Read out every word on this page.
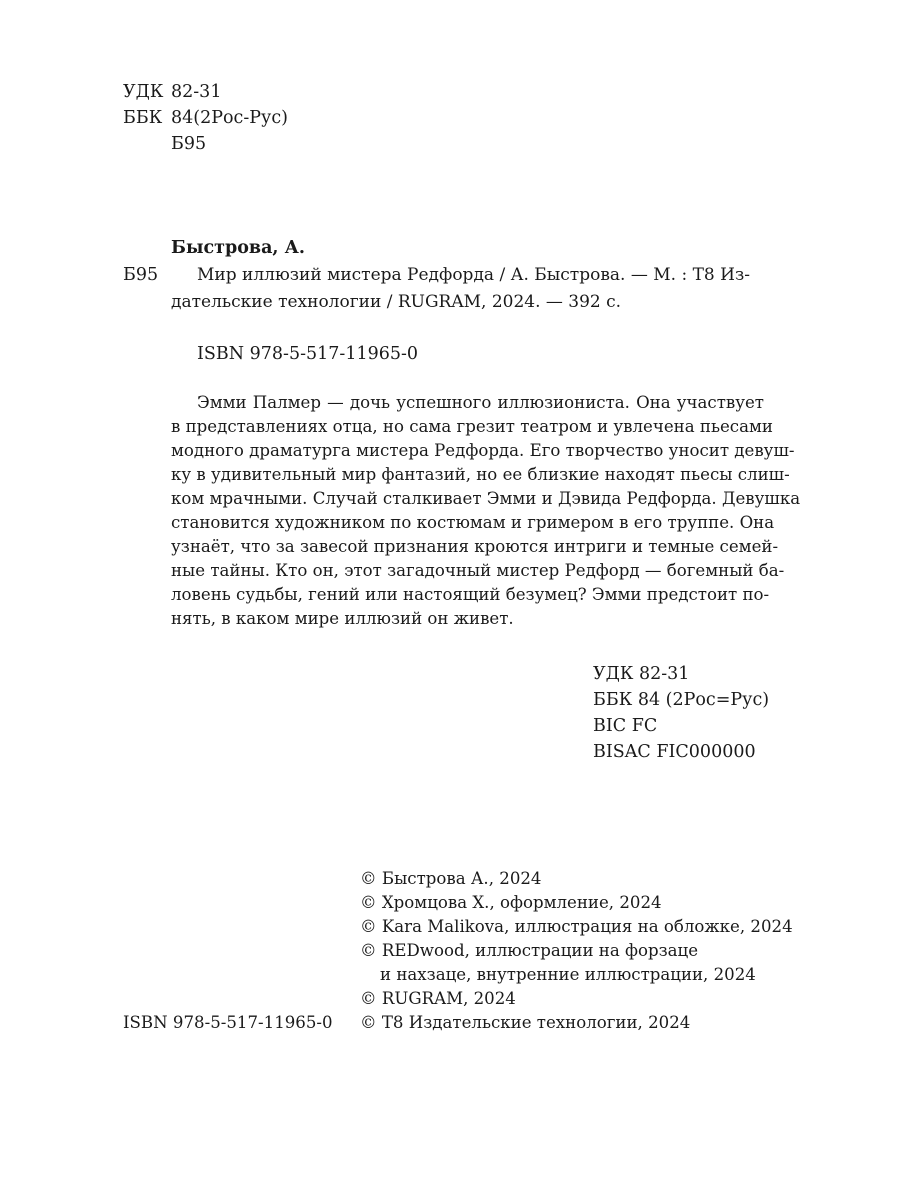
УДК 82-31
ББК 84(2Рос-Рус)
Б95
Быстрова, А.
Б95 Мир иллюзий мистера Редфорда / А. Быстрова. — М. : Т8 Из-
дательские технологии / RUGRAM, 2024. — 392 с.
ISBN 978-5-517-11965-0
Эмми Палмер — дочь успешного иллюзиониста. Она участвует
в представлениях отца, но сама грезит театром и увлечена пьесами
модного драматурга мистера Редфорда. Его творчество уносит девуш-
ку в удивительный мир фантазий, но ее близкие находят пьесы слиш-
ком мрачными. Случай сталкивает Эмми и Дэвида Редфорда. Девушка
становится художником по костюмам и гримером в его труппе. Она
узнаёт, что за завесой признания кроются интриги и темные семей-
ные тайны. Кто он, этот загадочный мистер Редфорд — богемный ба-
ловень судьбы, гений или настоящий безумец? Эмми предстоит по-
нять, в каком мире иллюзий он живет.
УДК 82-31
ББК 84 (2Рос=Рус)
BIC FC
BISAC FIC000000
© Быстрова А., 2024
© Хромцова Х., оформление, 2024
© Kara Malikova, иллюстрация на обложке, 2024
© REDwood, иллюстрации на форзаце
и нахзаце, внутренние иллюстрации, 2024
© RUGRAM, 2024
© Т8 Издательские технологии, 2024
ISBN 978-5-517-11965-0
